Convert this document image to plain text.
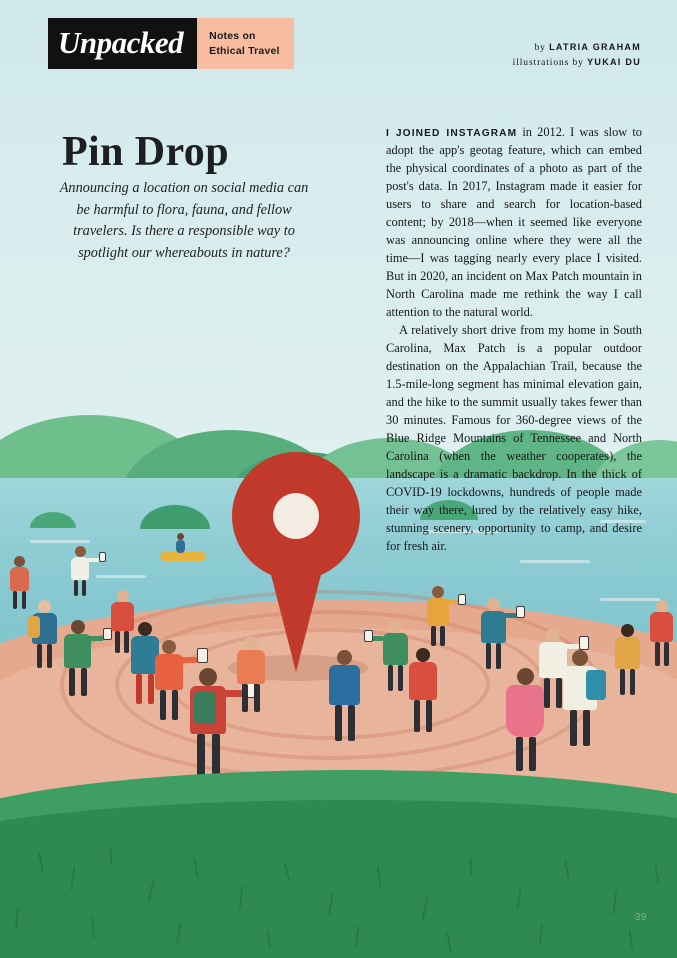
Unpacked	Notes on
Ethical Travel	by LATRIA GRAHAM
illustrations by YUKAI DU
Pin Drop
Announcing a location on social media can be harmful to flora, fauna, and fellow travelers. Is there a responsible way to spotlight our whereabouts in nature?

I JOINED INSTAGRAM in 2012. I was slow to adopt the app's geotag feature, which can embed the physical coordinates of a photo as part of the post's data. In 2017, Instagram made it easier for users to share and search for location-based content; by 2018—when it seemed like everyone was announcing online where they were all the time—I was tagging nearly every place I visited. But in 2020, an incident on Max Patch mountain in North Carolina made me rethink the way I call attention to the natural world.

A relatively short drive from my home in South Carolina, Max Patch is a popular outdoor destination on the Appalachian Trail, because the 1.5-mile-long segment has minimal elevation gain, and the hike to the summit usually takes fewer than 30 minutes. Famous for 360-degree views of the Blue Ridge Mountains of Tennessee and North Carolina (when the weather cooperates), the landscape is a dramatic backdrop. In the thick of COVID-19 lockdowns, hundreds of people made their way there, lured by the relatively easy hike, stunning scenery, opportunity to camp, and desire for fresh air.

39
